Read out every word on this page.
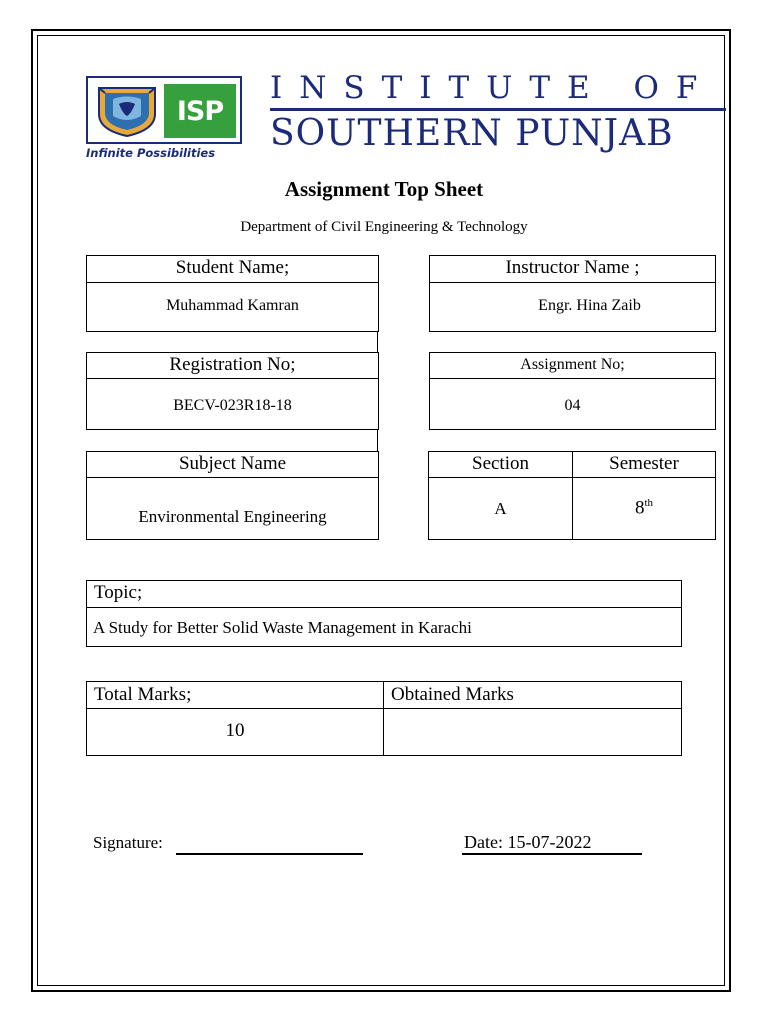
ISP
Infinite Possibilities
INSTITUTE OF
SOUTHERN PUNJAB
Assignment Top Sheet
Department of Civil Engineering & Technology
Student Name;
Muhammad Kamran
Instructor Name ;
Engr. Hina Zaib
Registration No;
BECV-023R18-18
Assignment No;
04
Subject Name
Environmental Engineering
Section	Semester
A	8th
Topic;
A Study for Better Solid Waste Management in Karachi
Total Marks;	Obtained Marks
10
Signature:	Date: 15-07-2022
